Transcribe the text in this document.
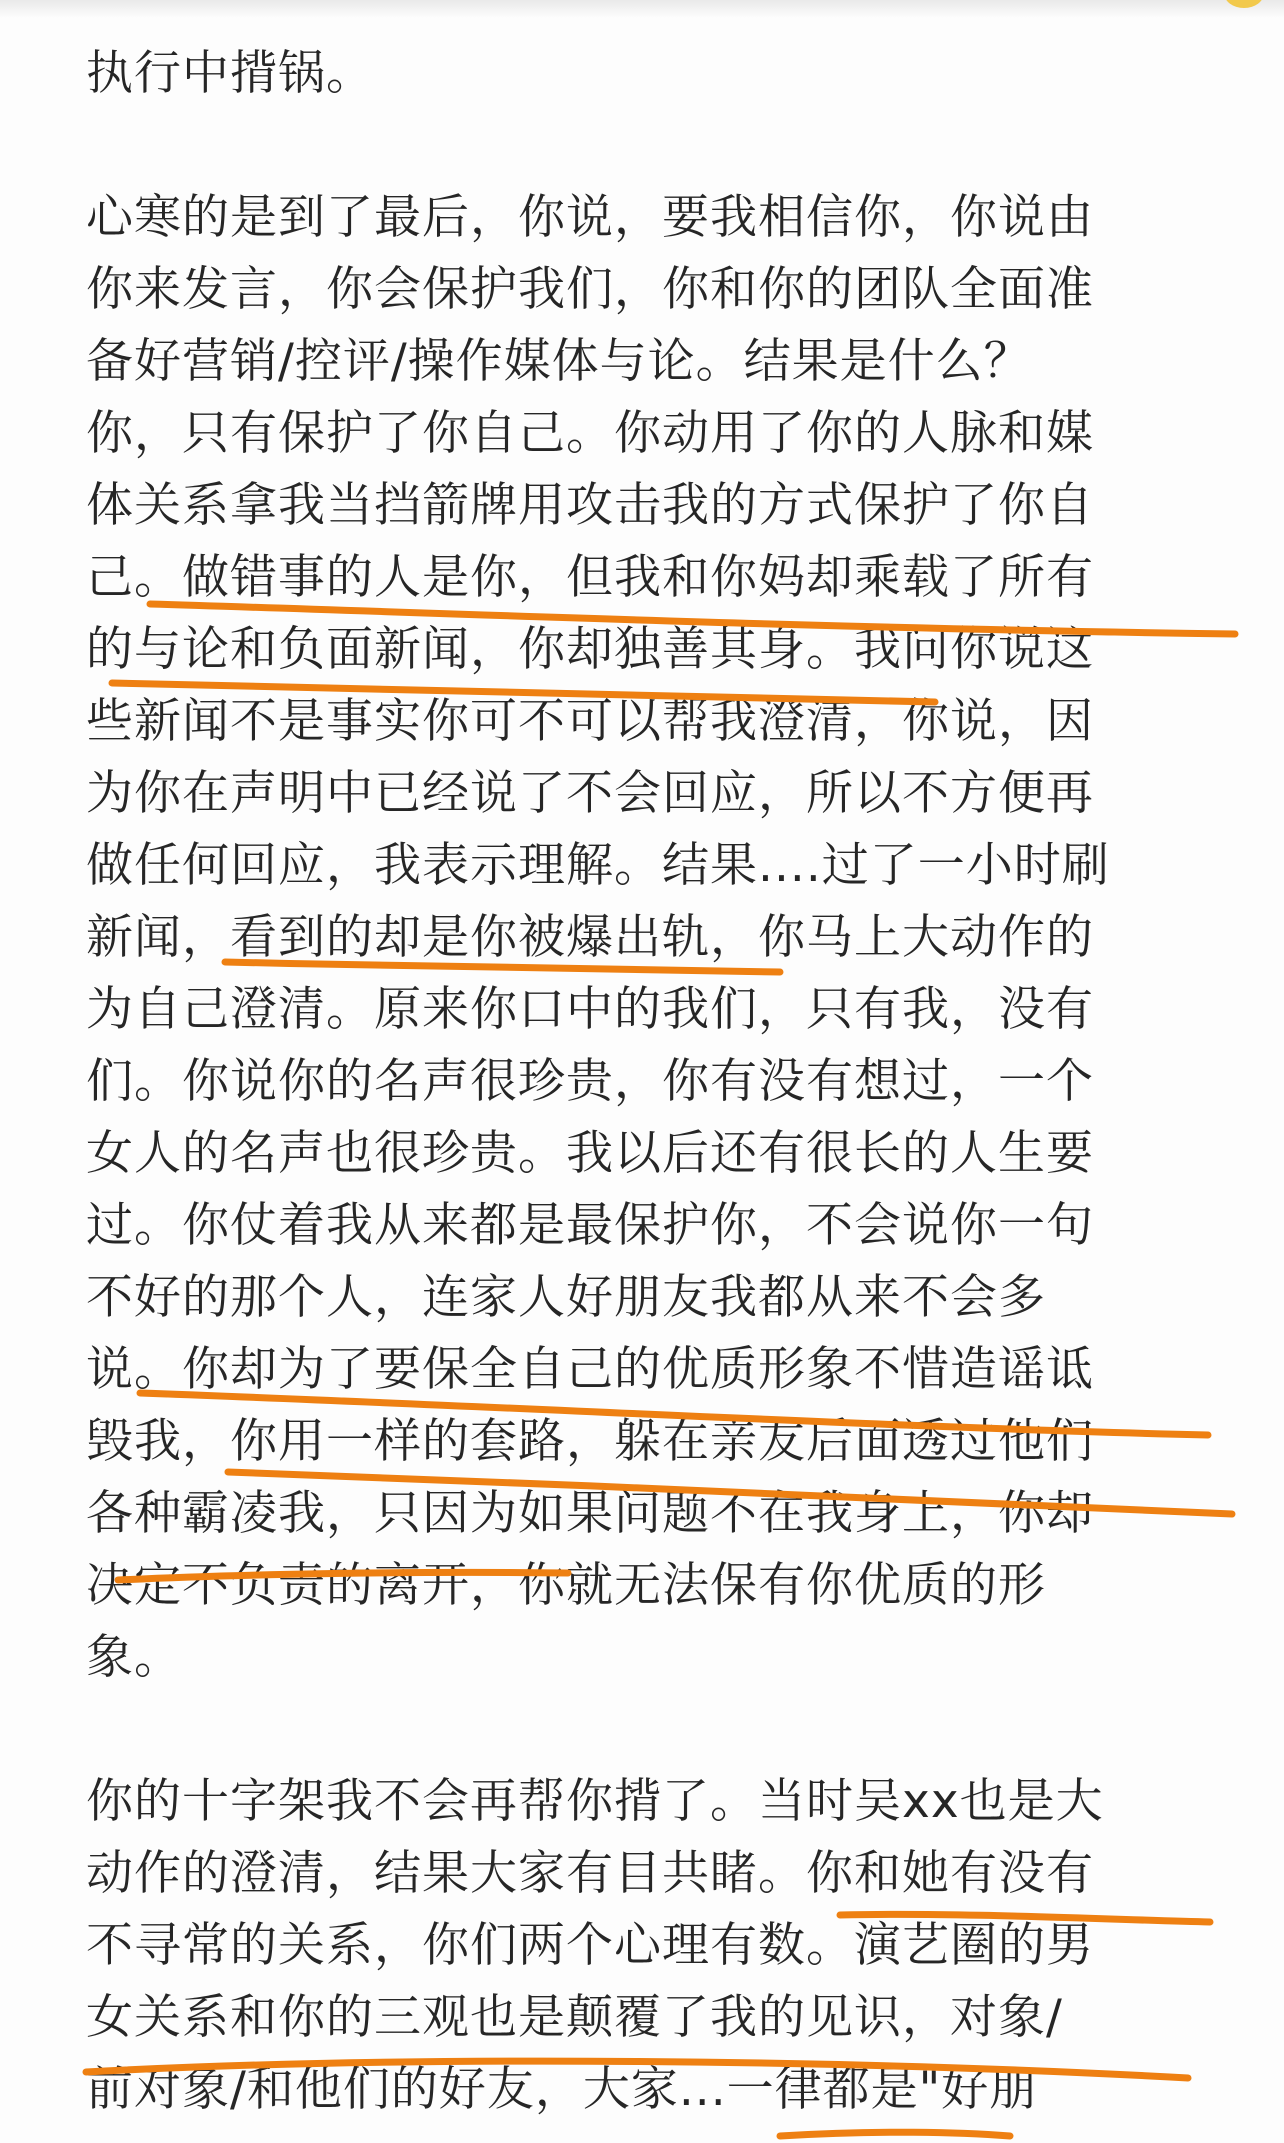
执行中揹锅。
心寒的是到了最后，你说，要我相信你，你说由
你来发言，你会保护我们，你和你的团队全面准
备好营销/控评/操作媒体与论。结果是什么？
你，只有保护了你自己。你动用了你的人脉和媒
体关系拿我当挡箭牌用攻击我的方式保护了你自
己。做错事的人是你，但我和你妈却乘载了所有
的与论和负面新闻，你却独善其身。我问你说这
些新闻不是事实你可不可以帮我澄清，你说，因
为你在声明中已经说了不会回应，所以不方便再
做任何回应，我表示理解。结果....过了一小时刷
新闻，看到的却是你被爆出轨，你马上大动作的
为自己澄清。原来你口中的我们，只有我，没有
们。你说你的名声很珍贵，你有没有想过，一个
女人的名声也很珍贵。我以后还有很长的人生要
过。你仗着我从来都是最保护你，不会说你一句
不好的那个人，连家人好朋友我都从来不会多
说。你却为了要保全自己的优质形象不惜造谣诋
毁我，你用一样的套路，躲在亲友后面透过他们
各种霸凌我，只因为如果问题不在我身上，你却
决定不负责的离开，你就无法保有你优质的形
象。
你的十字架我不会再帮你揹了。当时吴xx也是大
动作的澄清，结果大家有目共睹。你和她有没有
不寻常的关系，你们两个心理有数。演艺圈的男
女关系和你的三观也是颠覆了我的见识，对象/
前对象/和他们的好友，大家...一律都是"好朋
